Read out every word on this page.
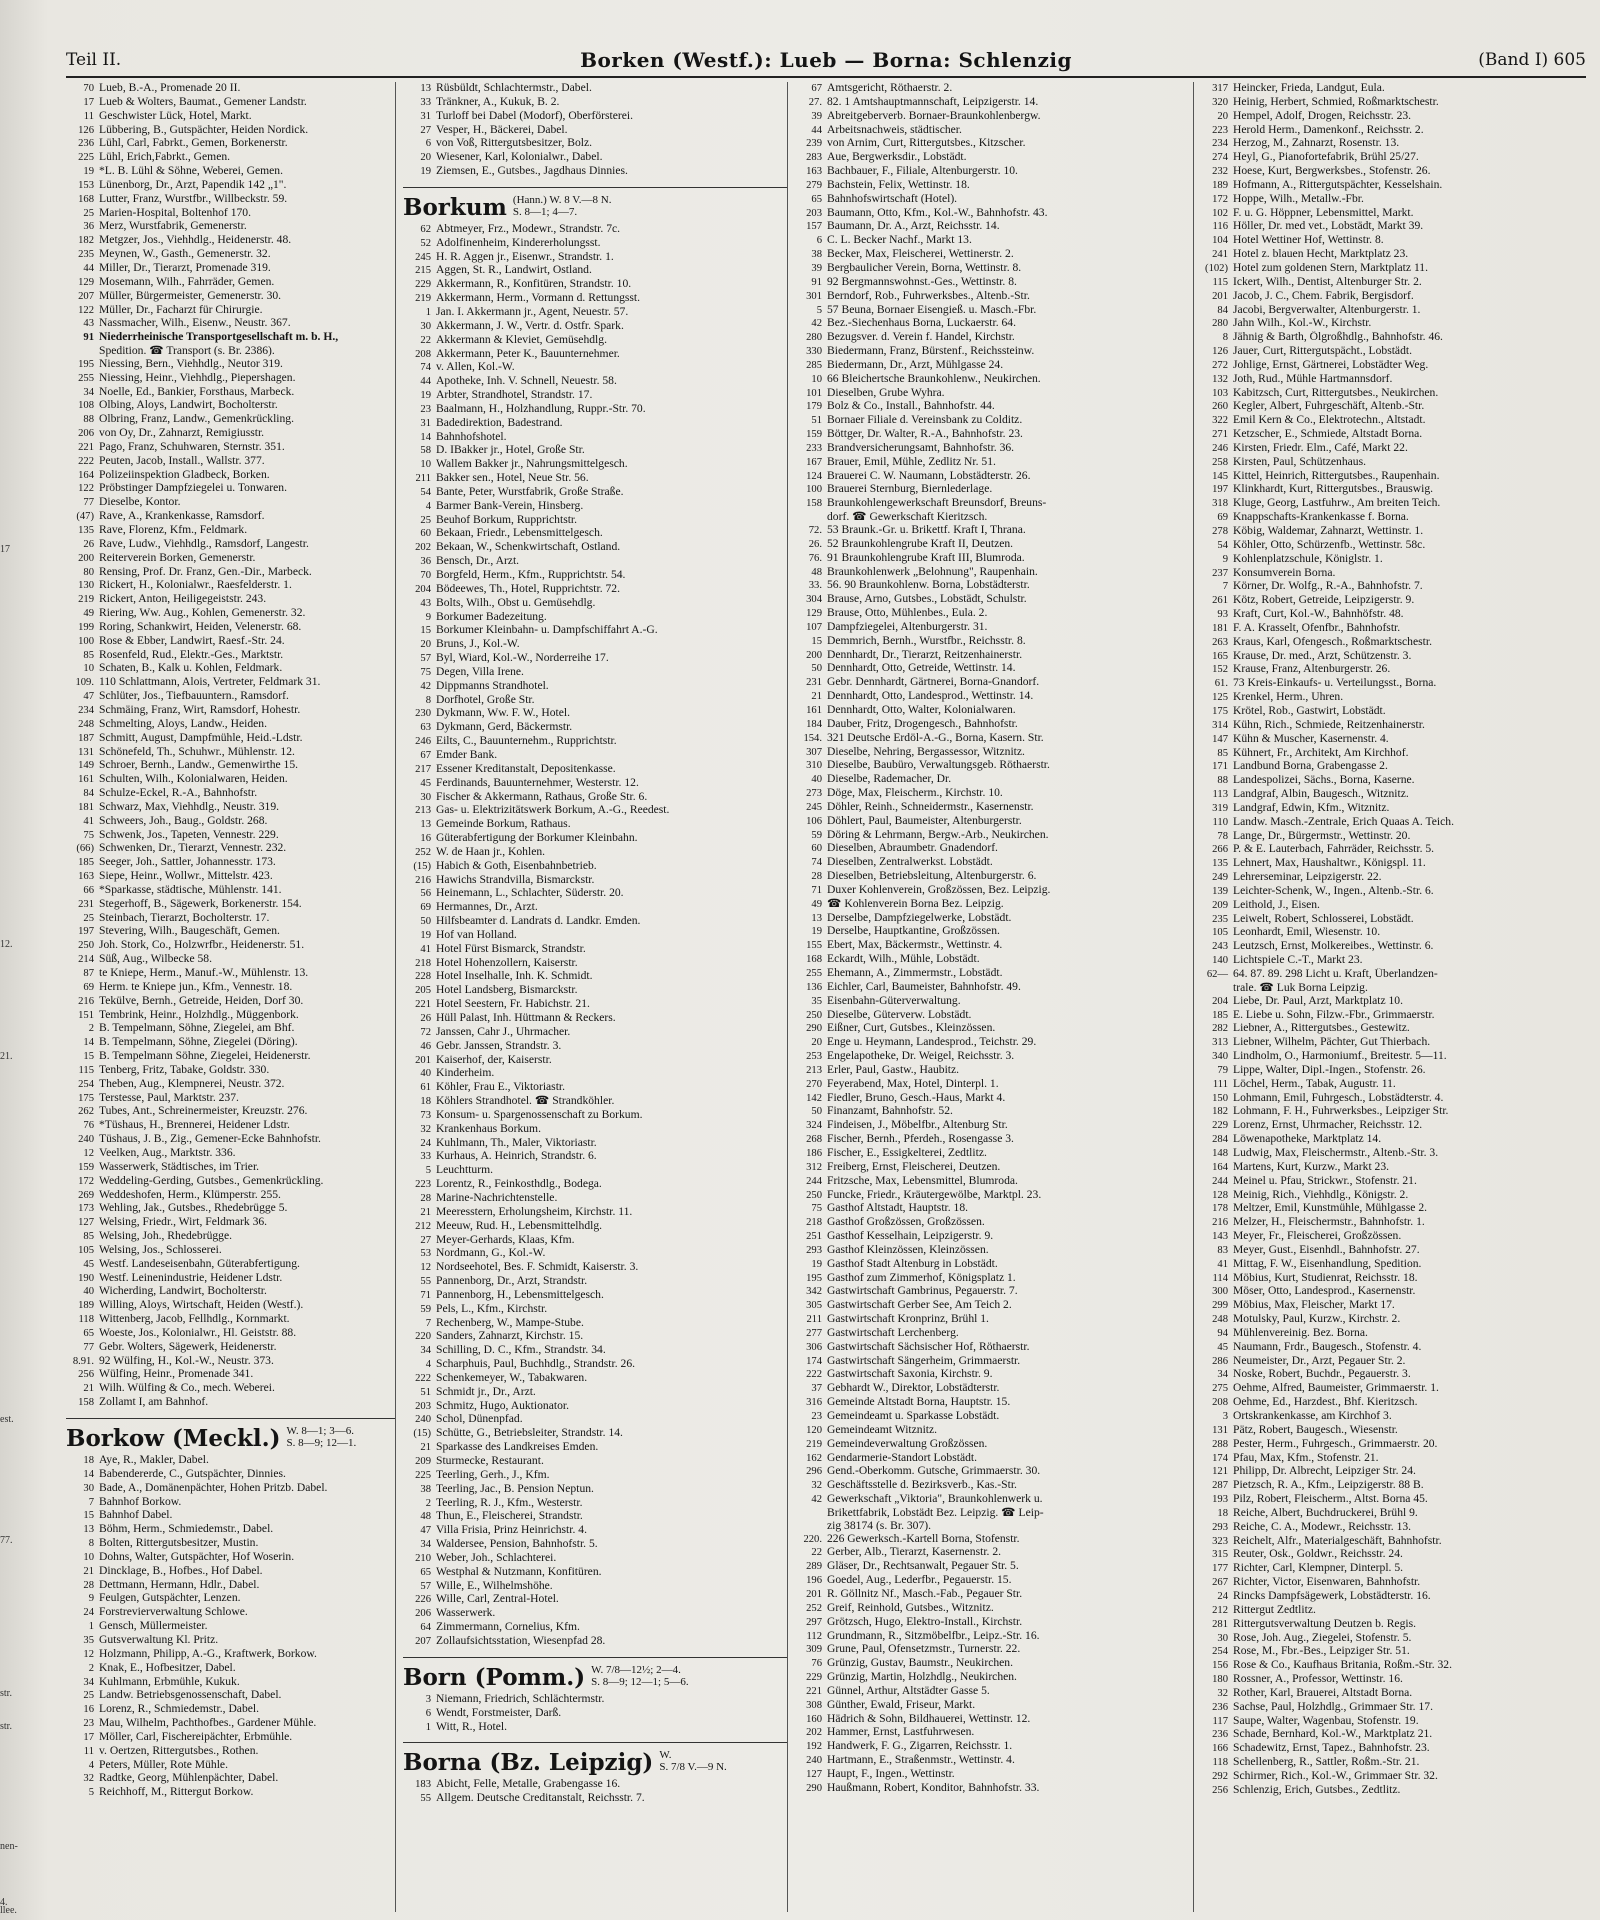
Teil II.	Borken (Westf.): Lueb — Borna: Schlenzig	(Band I) 605
70 Lueb, B.-A., Promenade 20 II.
17 Lueb & Wolters, Baumat., Gemener Landstr.
11 Geschwister Lück, Hotel, Markt.
126 Lübbering, B., Gutspächter, Heiden Nordick.
236 Lühl, Carl, Fabrkt., Gemen, Borkenerstr.
225 Lühl, Erich,Fabrkt., Gemen.
19 *L. B. Lühl & Söhne, Weberei, Gemen.
153 Lünenborg, Dr., Arzt, Papendik 142 „1".
168 Lutter, Franz, Wurstfbr., Willbeckstr. 59.
25 Marien-Hospital, Boltenhof 170.
36 Merz, Wurstfabrik, Gemenerstr.
182 Metgzer, Jos., Viehhdlg., Heidenerstr. 48.
235 Meynen, W., Gasth., Gemenerstr. 32.
44 Miller, Dr., Tierarzt, Promenade 319.
129 Mosemann, Wilh., Fahrräder, Gemen.
207 Müller, Bürgermeister, Gemenerstr. 30.
122 Müller, Dr., Facharzt für Chirurgie.
43 Nassmacher, Wilh., Eisenw., Neustr. 367.
91 Niederrheinische Transportgesellschaft m. b. H.,
Spedition. ☎ Transport (s. Br. 2386).
195 Niessing, Bern., Viehhdlg., Neutor 319.
255 Niessing, Heinr., Viehhdlg., Piepershagen.
34 Noelle, Ed., Bankier, Forsthaus, Marbeck.
108 Olbing, Aloys, Landwirt, Bocholterstr.
88 Olbring, Franz, Landw., Gemenkrückling.
206 von Oy, Dr., Zahnarzt, Remigiusstr.
221 Pago, Franz, Schuhwaren, Sternstr. 351.
222 Peuten, Jacob, Install., Wallstr. 377.
164 Polizeiinspektion Gladbeck, Borken.
122 Pröbstinger Dampfziegelei u. Tonwaren.
77 Dieselbe, Kontor.
(47) Rave, A., Krankenkasse, Ramsdorf.
135 Rave, Florenz, Kfm., Feldmark.
26 Rave, Ludw., Viehhdlg., Ramsdorf, Langestr.
200 Reiterverein Borken, Gemenerstr.
80 Rensing, Prof. Dr. Franz, Gen.-Dir., Marbeck.
130 Rickert, H., Kolonialwr., Raesfelderstr. 1.
219 Rickert, Anton, Heiligegeiststr. 243.
49 Riering, Ww. Aug., Kohlen, Gemenerstr. 32.
199 Roring, Schankwirt, Heiden, Velenerstr. 68.
100 Rose & Ebber, Landwirt, Raesf.-Str. 24.
85 Rosenfeld, Rud., Elektr.-Ges., Marktstr.
10 Schaten, B., Kalk u. Kohlen, Feldmark.
109. 110 Schlattmann, Alois, Vertreter, Feldmark 31.
47 Schlüter, Jos., Tiefbauuntern., Ramsdorf.
234 Schmäing, Franz, Wirt, Ramsdorf, Hohestr.
248 Schmelting, Aloys, Landw., Heiden.
187 Schmitt, August, Dampfmühle, Heid.-Ldstr.
131 Schönefeld, Th., Schuhwr., Mühlenstr. 12.
149 Schroer, Bernh., Landw., Gemenwirthe 15.
161 Schulten, Wilh., Kolonialwaren, Heiden.
84 Schulze-Eckel, R.-A., Bahnhofstr.
181 Schwarz, Max, Viehhdlg., Neustr. 319.
41 Schweers, Joh., Baug., Goldstr. 268.
75 Schwenk, Jos., Tapeten, Vennestr. 229.
(66) Schwenken, Dr., Tierarzt, Vennestr. 232.
185 Seeger, Joh., Sattler, Johannesstr. 173.
163 Siepe, Heinr., Wollwr., Mittelstr. 423.
66 *Sparkasse, städtische, Mühlenstr. 141.
231 Stegerhoff, B., Sägewerk, Borkenerstr. 154.
25 Steinbach, Tierarzt, Bocholterstr. 17.
197 Stevering, Wilh., Baugeschäft, Gemen.
250 Joh. Stork, Co., Holzwrfbr., Heidenerstr. 51.
214 Süß, Aug., Wilbecke 58.
87 te Kniepe, Herm., Manuf.-W., Mühlenstr. 13.
69 Herm. te Kniepe jun., Kfm., Vennestr. 18.
216 Tekülve, Bernh., Getreide, Heiden, Dorf 30.
151 Tembrink, Heinr., Holzhdlg., Müggenbork.
2 B. Tempelmann, Söhne, Ziegelei, am Bhf.
14 B. Tempelmann, Söhne, Ziegelei (Döring).
15 B. Tempelmann Söhne, Ziegelei, Heidenerstr.
115 Tenberg, Fritz, Tabake, Goldstr. 330.
254 Theben, Aug., Klempnerei, Neustr. 372.
175 Terstesse, Paul, Marktstr. 237.
262 Tubes, Ant., Schreinermeister, Kreuzstr. 276.
76 *Tüshaus, H., Brennerei, Heidener Ldstr.
240 Tüshaus, J. B., Zig., Gemener-Ecke Bahnhofstr.
12 Veelken, Aug., Marktstr. 336.
159 Wasserwerk, Städtisches, im Trier.
172 Weddeling-Gerding, Gutsbes., Gemenkrückling.
269 Weddeshofen, Herm., Klümperstr. 255.
173 Wehling, Jak., Gutsbes., Rhedebrügge 5.
127 Welsing, Friedr., Wirt, Feldmark 36.
85 Welsing, Joh., Rhedebrügge.
105 Welsing, Jos., Schlosserei.
45 Westf. Landeseisenbahn, Güterabfertigung.
190 Westf. Leinenindustrie, Heidener Ldstr.
40 Wicherding, Landwirt, Bocholterstr.
189 Willing, Aloys, Wirtschaft, Heiden (Westf.).
118 Wittenberg, Jacob, Fellhdlg., Kornmarkt.
65 Woeste, Jos., Kolonialwr., Hl. Geiststr. 88.
77 Gebr. Wolters, Sägewerk, Heidenerstr.
8.91. 92 Wülfing, H., Kol.-W., Neustr. 373.
256 Wülfing, Heinr., Promenade 341.
21 Wilh. Wülfing & Co., mech. Weberei.
158 Zollamt I, am Bahnhof.
Borkow (Meckl.) W. 8—1; 3—6.
S. 8—9; 12—1.
18 Aye, R., Makler, Dabel.
14 Babendererde, C., Gutspächter, Dinnies.
30 Bade, A., Domänenpächter, Hohen Pritzb. Dabel.
7 Bahnhof Borkow.
15 Bahnhof Dabel.
13 Böhm, Herm., Schmiedemstr., Dabel.
8 Bolten, Rittergutsbesitzer, Mustin.
10 Dohns, Walter, Gutspächter, Hof Woserin.
21 Dincklage, B., Hofbes., Hof Dabel.
28 Dettmann, Hermann, Hdlr., Dabel.
9 Feulgen, Gutspächter, Lenzen.
24 Forstrevierverwaltung Schlowe.
1 Gensch, Müllermeister.
35 Gutsverwaltung Kl. Pritz.
12 Holzmann, Philipp, A.-G., Kraftwerk, Borkow.
2 Knak, E., Hofbesitzer, Dabel.
34 Kuhlmann, Erbmühle, Kukuk.
25 Landw. Betriebsgenossenschaft, Dabel.
16 Lorenz, R., Schmiedemstr., Dabel.
23 Mau, Wilhelm, Pachthofbes., Gardener Mühle.
17 Möller, Carl, Fischereipächter, Erbmühle.
11 v. Oertzen, Rittergutsbes., Rothen.
4 Peters, Müller, Rote Mühle.
32 Radtke, Georg, Mühlenpächter, Dabel.
5 Reichhoff, M., Rittergut Borkow.
13 Rüsbüldt, Schlachtermstr., Dabel.
33 Tränkner, A., Kukuk, B. 2.
31 Turloff bei Dabel (Modorf), Oberförsterei.
27 Vesper, H., Bäckerei, Dabel.
6 von Voß, Rittergutsbesitzer, Bolz.
20 Wiesener, Karl, Kolonialwr., Dabel.
19 Ziemsen, E., Gutsbes., Jagdhaus Dinnies.
Borkum (Hann.) W. 8 V.—8 N.
S. 8—1; 4—7.
62 Abtmeyer, Frz., Modewr., Strandstr. 7c.
52 Adolfinenheim, Kindererholungsst.
245 H. R. Aggen jr., Eisenwr., Strandstr. 1.
215 Aggen, St. R., Landwirt, Ostland.
229 Akkermann, R., Konfitüren, Strandstr. 10.
219 Akkermann, Herm., Vormann d. Rettungsst.
1 Jan. I. Akkermann jr., Agent, Neuestr. 57.
30 Akkermann, J. W., Vertr. d. Ostfr. Spark.
22 Akkermann & Kleviet, Gemüsehdlg.
208 Akkermann, Peter K., Bauunternehmer.
74 v. Allen, Kol.-W.
44 Apotheke, Inh. V. Schnell, Neuestr. 58.
19 Arbter, Strandhotel, Strandstr. 17.
23 Baalmann, H., Holzhandlung, Ruppr.-Str. 70.
31 Badedirektion, Badestrand.
14 Bahnhofshotel.
58 D. IBakker jr., Hotel, Große Str.
10 Wallem Bakker jr., Nahrungsmittelgesch.
211 Bakker sen., Hotel, Neue Str. 56.
54 Bante, Peter, Wurstfabrik, Große Straße.
4 Barmer Bank-Verein, Hinsberg.
25 Beuhof Borkum, Rupprichtstr.
60 Bekaan, Friedr., Lebensmittelgesch.
202 Bekaan, W., Schenkwirtschaft, Ostland.
36 Bensch, Dr., Arzt.
70 Borgfeld, Herm., Kfm., Rupprichtstr. 54.
204 Bödeewes, Th., Hotel, Rupprichtstr. 72.
43 Bolts, Wilh., Obst u. Gemüsehdlg.
9 Borkumer Badezeitung.
15 Borkumer Kleinbahn- u. Dampfschiffahrt A.-G.
20 Bruns, J., Kol.-W.
57 Byl, Wiard, Kol.-W., Norderreihe 17.
75 Degen, Villa Irene.
42 Dippmanns Strandhotel.
8 Dorfhotel, Große Str.
230 Dykmann, Ww. F. W., Hotel.
63 Dykmann, Gerd, Bäckermstr.
246 Eilts, C., Bauunternehm., Rupprichtstr.
67 Emder Bank.
217 Essener Kreditanstalt, Depositenkasse.
45 Ferdinands, Bauunternehmer, Westerstr. 12.
30 Fischer & Akkermann, Rathaus, Große Str. 6.
213 Gas- u. Elektrizitätswerk Borkum, A.-G., Reedest.
13 Gemeinde Borkum, Rathaus.
16 Güterabfertigung der Borkumer Kleinbahn.
252 W. de Haan jr., Kohlen.
(15) Habich & Goth, Eisenbahnbetrieb.
216 Hawichs Strandvilla, Bismarckstr.
56 Heinemann, L., Schlachter, Süderstr. 20.
69 Hermannes, Dr., Arzt.
50 Hilfsbeamter d. Landrats d. Landkr. Emden.
19 Hof van Holland.
41 Hotel Fürst Bismarck, Strandstr.
218 Hotel Hohenzollern, Kaiserstr.
228 Hotel Inselhalle, Inh. K. Schmidt.
205 Hotel Landsberg, Bismarckstr.
221 Hotel Seestern, Fr. Habichstr. 21.
26 Hüll Palast, Inh. Hüttmann & Reckers.
72 Janssen, Cahr J., Uhrmacher.
46 Gebr. Janssen, Strandstr. 3.
201 Kaiserhof, der, Kaiserstr.
40 Kinderheim.
61 Köhler, Frau E., Viktoriastr.
18 Köhlers Strandhotel. ☎ Strandköhler.
73 Konsum- u. Spargenossenschaft zu Borkum.
32 Krankenhaus Borkum.
24 Kuhlmann, Th., Maler, Viktoriastr.
33 Kurhaus, A. Heinrich, Strandstr. 6.
5 Leuchtturm.
223 Lorentz, R., Feinkosthdlg., Bodega.
28 Marine-Nachrichtenstelle.
21 Meeresstern, Erholungsheim, Kirchstr. 11.
212 Meeuw, Rud. H., Lebensmittelhdlg.
27 Meyer-Gerhards, Klaas, Kfm.
53 Nordmann, G., Kol.-W.
12 Nordseehotel, Bes. F. Schmidt, Kaiserstr. 3.
55 Pannenborg, Dr., Arzt, Strandstr.
71 Pannenborg, H., Lebensmittelgesch.
59 Pels, L., Kfm., Kirchstr.
7 Rechenberg, W., Mampe-Stube.
220 Sanders, Zahnarzt, Kirchstr. 15.
34 Schilling, D. C., Kfm., Strandstr. 34.
4 Scharphuis, Paul, Buchhdlg., Strandstr. 26.
222 Schenkemeyer, W., Tabakwaren.
51 Schmidt jr., Dr., Arzt.
203 Schmitz, Hugo, Auktionator.
240 Schol, Dünenpfad.
(15) Schütte, G., Betriebsleiter, Strandstr. 14.
21 Sparkasse des Landkreises Emden.
209 Sturmecke, Restaurant.
225 Teerling, Gerh., J., Kfm.
38 Teerling, Jac., B. Pension Neptun.
2 Teerling, R. J., Kfm., Westerstr.
48 Thun, E., Fleischerei, Strandstr.
47 Villa Frisia, Prinz Heinrichstr. 4.
34 Waldersee, Pension, Bahnhofstr. 5.
210 Weber, Joh., Schlachterei.
65 Westphal & Nutzmann, Konfitüren.
57 Wille, E., Wilhelmshöhe.
226 Wille, Carl, Zentral-Hotel.
206 Wasserwerk.
64 Zimmermann, Cornelius, Kfm.
207 Zollaufsichtsstation, Wiesenpfad 28.
Born (Pomm.) W. 7/8—12½; 2—4.
S. 8—9; 12—1; 5—6.
3 Niemann, Friedrich, Schlächtermstr.
6 Wendt, Forstmeister, Darß.
1 Witt, R., Hotel.
Borna (Bz. Leipzig) W.
S. 7/8 V.—9 N.
183 Abicht, Felle, Metalle, Grabengasse 16.
55 Allgem. Deutsche Creditanstalt, Reichsstr. 7.
67 Amtsgericht, Röthaerstr. 2.
27. 82. 1 Amtshauptmannschaft, Leipzigerstr. 14.
39 Abreitgeberverb. Bornaer-Braunkohlenbergw.
44 Arbeitsnachweis, städtischer.
239 von Arnim, Curt, Rittergutsbes., Kitzscher.
283 Aue, Bergwerksdir., Lobstädt.
163 Bachbauer, F., Filiale, Altenburgerstr. 10.
279 Bachstein, Felix, Wettinstr. 18.
65 Bahnhofswirtschaft (Hotel).
203 Baumann, Otto, Kfm., Kol.-W., Bahnhofstr. 43.
157 Baumann, Dr. A., Arzt, Reichsstr. 14.
6 C. L. Becker Nachf., Markt 13.
38 Becker, Max, Fleischerei, Wettinerstr. 2.
39 Bergbaulicher Verein, Borna, Wettinstr. 8.
91 92 Bergmannswohnst.-Ges., Wettinstr. 8.
301 Berndorf, Rob., Fuhrwerksbes., Altenb.-Str.
5 57 Beuna, Bornaer Eisengieß. u. Masch.-Fbr.
42 Bez.-Siechenhaus Borna, Luckaerstr. 64.
280 Bezugsver. d. Verein f. Handel, Kirchstr.
330 Biedermann, Franz, Bürstenf., Reichssteinw.
285 Biedermann, Dr., Arzt, Mühlgasse 24.
10 66 Bleichertsche Braunkohlenw., Neukirchen.
101 Dieselben, Grube Wyhra.
179 Bolz & Co., Install., Bahnhofstr. 44.
51 Bornaer Filiale d. Vereinsbank zu Colditz.
159 Böttger, Dr. Walter, R.-A., Bahnhofstr. 23.
233 Brandversicherungsamt, Bahnhofstr. 36.
167 Brauer, Emil, Mühle, Zedlitz Nr. 51.
124 Brauerei C. W. Naumann, Lobstädterstr. 26.
100 Brauerei Sternburg, Biernlederlage.
158 Braunkohlengewerkschaft Breunsdorf, Breuns-
dorf. ☎ Gewerkschaft Kieritzsch.
72. 53 Braunk.-Gr. u. Brikettf. Kraft I, Thrana.
26. 52 Braunkohlengrube Kraft II, Deutzen.
76. 91 Braunkohlengrube Kraft III, Blumroda.
48 Braunkohlenwerk „Belohnung", Raupenhain.
33. 56. 90 Braunkohlenw. Borna, Lobstädterstr.
304 Brause, Arno, Gutsbes., Lobstädt, Schulstr.
129 Brause, Otto, Mühlenbes., Eula. 2.
107 Dampfziegelei, Altenburgerstr. 31.
15 Demmrich, Bernh., Wurstfbr., Reichsstr. 8.
200 Dennhardt, Dr., Tierarzt, Reitzenhainerstr.
50 Dennhardt, Otto, Getreide, Wettinstr. 14.
231 Gebr. Dennhardt, Gärtnerei, Borna-Gnandorf.
21 Dennhardt, Otto, Landesprod., Wettinstr. 14.
161 Dennhardt, Otto, Walter, Kolonialwaren.
184 Dauber, Fritz, Drogengesch., Bahnhofstr.
154. 321 Deutsche Erdöl-A.-G., Borna, Kasern. Str.
307 Dieselbe, Nehring, Bergassessor, Witznitz.
310 Dieselbe, Baubüro, Verwaltungsgeb. Röthaerstr.
40 Dieselbe, Rademacher, Dr.
273 Döge, Max, Fleischerm., Kirchstr. 10.
245 Döhler, Reinh., Schneidermstr., Kasernenstr.
106 Döhlert, Paul, Baumeister, Altenburgerstr.
59 Döring & Lehrmann, Bergw.-Arb., Neukirchen.
60 Dieselben, Abraumbetr. Gnadendorf.
74 Dieselben, Zentralwerkst. Lobstädt.
28 Dieselben, Betriebsleitung, Altenburgerstr. 6.
71 Duxer Kohlenverein, Großzössen, Bez. Leipzig.
49 ☎ Kohlenverein Borna Bez. Leipzig.
13 Derselbe, Dampfziegelwerke, Lobstädt.
19 Derselbe, Hauptkantine, Großzössen.
155 Ebert, Max, Bäckermstr., Wettinstr. 4.
168 Eckardt, Wilh., Mühle, Lobstädt.
255 Ehemann, A., Zimmermstr., Lobstädt.
136 Eichler, Carl, Baumeister, Bahnhofstr. 49.
35 Eisenbahn-Güterverwaltung.
250 Dieselbe, Güterverw. Lobstädt.
290 Eißner, Curt, Gutsbes., Kleinzössen.
20 Enge u. Heymann, Landesprod., Teichstr. 29.
253 Engelapotheke, Dr. Weigel, Reichsstr. 3.
213 Erler, Paul, Gastw., Haubitz.
270 Feyerabend, Max, Hotel, Dinterpl. 1.
142 Fiedler, Bruno, Gesch.-Haus, Markt 4.
50 Finanzamt, Bahnhofstr. 52.
324 Findeisen, J., Möbelfbr., Altenburg Str.
268 Fischer, Bernh., Pferdeh., Rosengasse 3.
186 Fischer, E., Essigkelterei, Zedtlitz.
312 Freiberg, Ernst, Fleischerei, Deutzen.
244 Fritzsche, Max, Lebensmittel, Blumroda.
250 Funcke, Friedr., Kräutergewölbe, Marktpl. 23.
75 Gasthof Altstadt, Hauptstr. 18.
218 Gasthof Großzössen, Großzössen.
251 Gasthof Kesselhain, Leipzigerstr. 9.
293 Gasthof Kleinzössen, Kleinzössen.
19 Gasthof Stadt Altenburg in Lobstädt.
195 Gasthof zum Zimmerhof, Königsplatz 1.
342 Gastwirtschaft Gambrinus, Pegauerstr. 7.
305 Gastwirtschaft Gerber See, Am Teich 2.
211 Gastwirtschaft Kronprinz, Brühl 1.
277 Gastwirtschaft Lerchenberg.
306 Gastwirtschaft Sächsischer Hof, Röthaerstr.
174 Gastwirtschaft Sängerheim, Grimmaerstr.
222 Gastwirtschaft Saxonia, Kirchstr. 9.
37 Gebhardt W., Direktor, Lobstädterstr.
316 Gemeinde Altstadt Borna, Hauptstr. 15.
23 Gemeindeamt u. Sparkasse Lobstädt.
120 Gemeindeamt Witznitz.
219 Gemeindeverwaltung Großzössen.
162 Gendarmerie-Standort Lobstädt.
296 Gend.-Oberkomm. Gutsche, Grimmaerstr. 30.
32 Geschäftsstelle d. Bezirksverb., Kas.-Str.
42 Gewerkschaft „Viktoria", Braunkohlenwerk u.
Brikettfabrik, Lobstädt Bez. Leipzig. ☎ Leip-
zig 38174 (s. Br. 307).
220. 226 Gewerksch.-Kartell Borna, Stofenstr.
22 Gerber, Alb., Tierarzt, Kasernenstr. 2.
289 Gläser, Dr., Rechtsanwalt, Pegauer Str. 5.
196 Goedel, Aug., Lederfbr., Pegauerstr. 15.
201 R. Göllnitz Nf., Masch.-Fab., Pegauer Str.
252 Greif, Reinhold, Gutsbes., Witznitz.
297 Grötzsch, Hugo, Elektro-Install., Kirchstr.
112 Grundmann, R., Sitzmöbelfbr., Leipz.-Str. 16.
309 Grune, Paul, Ofensetzmstr., Turnerstr. 22.
76 Grünzig, Gustav, Baumstr., Neukirchen.
229 Grünzig, Martin, Holzhdlg., Neukirchen.
221 Günnel, Arthur, Altstädter Gasse 5.
308 Günther, Ewald, Friseur, Markt.
160 Hädrich & Sohn, Bildhauerei, Wettinstr. 12.
202 Hammer, Ernst, Lastfuhrwesen.
192 Handwerk, F. G., Zigarren, Reichsstr. 1.
240 Hartmann, E., Straßenmstr., Wettinstr. 4.
127 Haupt, F., Ingen., Wettinstr.
290 Haußmann, Robert, Konditor, Bahnhofstr. 33.
317 Heincker, Frieda, Landgut, Eula.
320 Heinig, Herbert, Schmied, Roßmarktschestr.
20 Hempel, Adolf, Drogen, Reichsstr. 23.
223 Herold Herm., Damenkonf., Reichsstr. 2.
234 Herzog, M., Zahnarzt, Rosenstr. 13.
274 Heyl, G., Pianofortefabrik, Brühl 25/27.
232 Hoese, Kurt, Bergwerksbes., Stofenstr. 26.
189 Hofmann, A., Rittergutspächter, Kesselshain.
172 Hoppe, Wilh., Metallw.-Fbr.
102 F. u. G. Höppner, Lebensmittel, Markt.
116 Höller, Dr. med vet., Lobstädt, Markt 39.
104 Hotel Wettiner Hof, Wettinstr. 8.
241 Hotel z. blauen Hecht, Marktplatz 23.
(102) Hotel zum goldenen Stern, Marktplatz 11.
115 Ickert, Wilh., Dentist, Altenburger Str. 2.
201 Jacob, J. C., Chem. Fabrik, Bergisdorf.
84 Jacobi, Bergverwalter, Altenburgerstr. 1.
280 Jahn Wilh., Kol.-W., Kirchstr.
8 Jähnig & Barth, Ölgroßhdlg., Bahnhofstr. 46.
126 Jauer, Curt, Rittergutspächt., Lobstädt.
272 Johlige, Ernst, Gärtnerei, Lobstädter Weg.
132 Joth, Rud., Mühle Hartmannsdorf.
103 Kabitzsch, Curt, Rittergutsbes., Neukirchen.
260 Kegler, Albert, Fuhrgeschäft, Altenb.-Str.
322 Emil Kern & Co., Elektrotechn., Altstadt.
271 Ketzscher, E., Schmiede, Altstadt Borna.
246 Kirsten, Friedr. Elm., Café, Markt 22.
258 Kirsten, Paul, Schützenhaus.
145 Kittel, Heinrich, Rittergutsbes., Raupenhain.
197 Klinkhardt, Kurt, Rittergutsbes., Brauswig.
318 Kluge, Georg, Lastfuhrw., Am breiten Teich.
69 Knappschafts-Krankenkasse f. Borna.
278 Köbig, Waldemar, Zahnarzt, Wettinstr. 1.
54 Köhler, Otto, Schürzenfb., Wettinstr. 58c.
9 Kohlenplatzschule, Königlstr. 1.
237 Konsumverein Borna.
7 Körner, Dr. Wolfg., R.-A., Bahnhofstr. 7.
261 Kötz, Robert, Getreide, Leipzigerstr. 9.
93 Kraft, Curt, Kol.-W., Bahnhöfstr. 48.
181 F. A. Krasselt, Ofenfbr., Bahnhofstr.
263 Kraus, Karl, Ofengesch., Roßmarktschestr.
165 Krause, Dr. med., Arzt, Schützenstr. 3.
152 Krause, Franz, Altenburgerstr. 26.
61. 73 Kreis-Einkaufs- u. Verteilungsst., Borna.
125 Krenkel, Herm., Uhren.
175 Krötel, Rob., Gastwirt, Lobstädt.
314 Kühn, Rich., Schmiede, Reitzenhainerstr.
147 Kühn & Muscher, Kasernenstr. 4.
85 Kühnert, Fr., Architekt, Am Kirchhof.
171 Landbund Borna, Grabengasse 2.
88 Landespolizei, Sächs., Borna, Kaserne.
113 Landgraf, Albin, Baugesch., Witznitz.
319 Landgraf, Edwin, Kfm., Witznitz.
110 Landw. Masch.-Zentrale, Erich Quaas A. Teich.
78 Lange, Dr., Bürgermstr., Wettinstr. 20.
266 P. & E. Lauterbach, Fahrräder, Reichsstr. 5.
135 Lehnert, Max, Haushaltwr., Königspl. 11.
249 Lehrerseminar, Leipzigerstr. 22.
139 Leichter-Schenk, W., Ingen., Altenb.-Str. 6.
209 Leithold, J., Eisen.
235 Leiwelt, Robert, Schlosserei, Lobstädt.
105 Leonhardt, Emil, Wiesenstr. 10.
243 Leutzsch, Ernst, Molkereibes., Wettinstr. 6.
140 Lichtspiele C.-T., Markt 23.
62— 64. 87. 89. 298 Licht u. Kraft, Überlandzen-
trale. ☎ Luk Borna Leipzig.
204 Liebe, Dr. Paul, Arzt, Marktplatz 10.
185 E. Liebe u. Sohn, Filzw.-Fbr., Grimmaerstr.
282 Liebner, A., Rittergutsbes., Gestewitz.
313 Liebner, Wilhelm, Pächter, Gut Thierbach.
340 Lindholm, O., Harmoniumf., Breitestr. 5—11.
79 Lippe, Walter, Dipl.-Ingen., Stofenstr. 26.
111 Löchel, Herm., Tabak, Augustr. 11.
150 Lohmann, Emil, Fuhrgesch., Lobstädterstr. 4.
182 Lohmann, F. H., Fuhrwerksbes., Leipziger Str.
229 Lorenz, Ernst, Uhrmacher, Reichsstr. 12.
284 Löwenapotheke, Marktplatz 14.
148 Ludwig, Max, Fleischermstr., Altenb.-Str. 3.
164 Martens, Kurt, Kurzw., Markt 23.
244 Meinel u. Pfau, Strickwr., Stofenstr. 21.
128 Meinig, Rich., Viehhdlg., Königstr. 2.
178 Meltzer, Emil, Kunstmühle, Mühlgasse 2.
216 Melzer, H., Fleischermstr., Bahnhofstr. 1.
143 Meyer, Fr., Fleischerei, Großzössen.
83 Meyer, Gust., Eisenhdl., Bahnhofstr. 27.
41 Mittag, F. W., Eisenhandlung, Spedition.
114 Möbius, Kurt, Studienrat, Reichsstr. 18.
300 Möser, Otto, Landesprod., Kasernenstr.
299 Möbius, Max, Fleischer, Markt 17.
248 Motulsky, Paul, Kurzw., Kirchstr. 2.
94 Mühlenvereinig. Bez. Borna.
45 Naumann, Frdr., Baugesch., Stofenstr. 4.
286 Neumeister, Dr., Arzt, Pegauer Str. 2.
34 Noske, Robert, Buchdr., Pegauerstr. 3.
275 Oehme, Alfred, Baumeister, Grimmaerstr. 1.
208 Oehme, Ed., Harzdest., Bhf. Kieritzsch.
3 Ortskrankenkasse, am Kirchhof 3.
131 Pätz, Robert, Baugesch., Wiesenstr.
288 Pester, Herm., Fuhrgesch., Grimmaerstr. 20.
174 Pfau, Max, Kfm., Stofenstr. 21.
121 Philipp, Dr. Albrecht, Leipziger Str. 24.
287 Pietzsch, R. A., Kfm., Leipzigerstr. 88 B.
193 Pilz, Robert, Fleischerm., Altst. Borna 45.
18 Reiche, Albert, Buchdruckerei, Brühl 9.
293 Reiche, C. A., Modewr., Reichsstr. 13.
323 Reichelt, Alfr., Materialgeschäft, Bahnhofstr.
315 Reuter, Osk., Goldwr., Reichsstr. 24.
177 Richter, Carl, Klempner, Dinterpl. 5.
267 Richter, Victor, Eisenwaren, Bahnhofstr.
24 Rincks Dampfsägewerk, Lobstädterstr. 16.
212 Rittergut Zedtlitz.
281 Rittergutsverwaltung Deutzen b. Regis.
30 Rose, Joh. Aug., Ziegelei, Stofenstr. 5.
254 Rose, M., Fbr.-Bes., Leipziger Str. 51.
156 Rose & Co., Kaufhaus Britania, Roßm.-Str. 32.
180 Rossner, A., Professor, Wettinstr. 16.
32 Rother, Karl, Brauerei, Altstadt Borna.
236 Sachse, Paul, Holzhdlg., Grimmaer Str. 17.
117 Saupe, Walter, Wagenbau, Stofenstr. 19.
236 Schade, Bernhard, Kol.-W., Marktplatz 21.
166 Schadewitz, Ernst, Tapez., Bahnhofstr. 23.
118 Schellenberg, R., Sattler, Roßm.-Str. 21.
292 Schirmer, Rich., Kol.-W., Grimmaer Str. 32.
256 Schlenzig, Erich, Gutsbes., Zedtlitz.
17
12.
21.
est.
77.
str.
str.
nen-
4.
llee.
